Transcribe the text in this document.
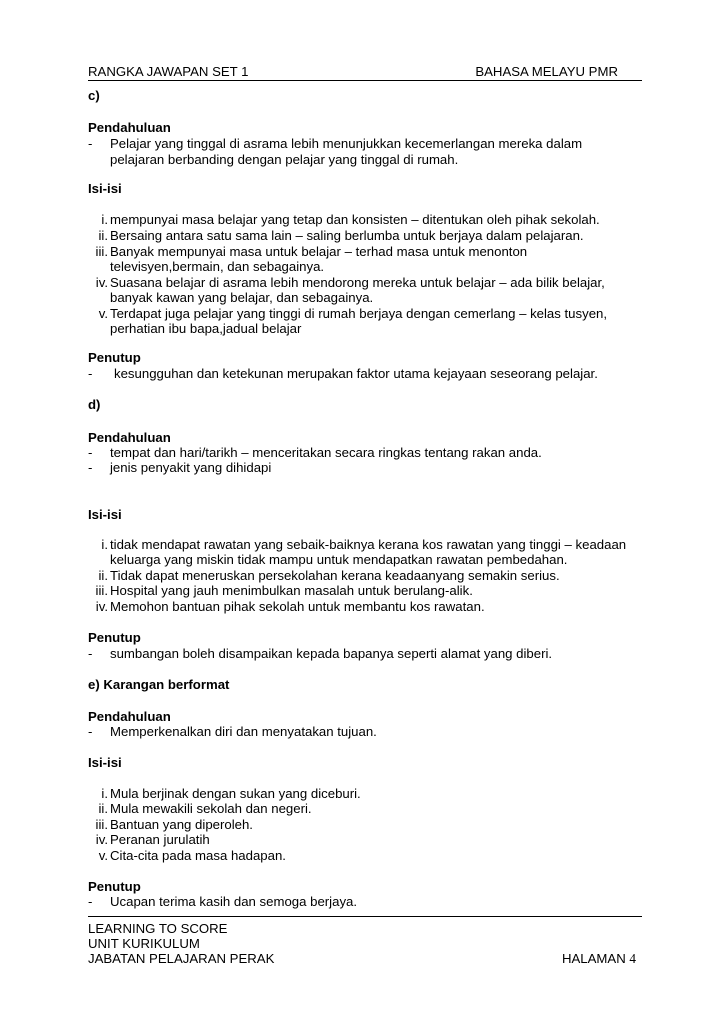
RANGKA JAWAPAN SET 1	BAHASA MELAYU PMR
c)
Pendahuluan
- Pelajar yang tinggal di asrama lebih menunjukkan kecemerlangan mereka dalam
pelajaran berbanding dengan pelajar yang tinggal di rumah.
Isi-isi
i. mempunyai masa belajar yang tetap dan konsisten – ditentukan oleh pihak sekolah.
ii. Bersaing antara satu sama lain – saling berlumba untuk berjaya dalam pelajaran.
iii. Banyak mempunyai masa untuk belajar – terhad masa untuk menonton
televisyen,bermain, dan sebagainya.
iv. Suasana belajar di asrama lebih mendorong mereka untuk belajar – ada bilik belajar,
banyak kawan yang belajar, dan sebagainya.
v. Terdapat juga pelajar yang tinggi di rumah berjaya dengan cemerlang – kelas tusyen,
perhatian ibu bapa,jadual belajar
Penutup
- kesungguhan dan ketekunan merupakan faktor utama kejayaan seseorang pelajar.
d)
Pendahuluan
- tempat dan hari/tarikh – menceritakan secara ringkas tentang rakan anda.
- jenis penyakit yang dihidapi
Isi-isi
i. tidak mendapat rawatan yang sebaik-baiknya kerana kos rawatan yang tinggi – keadaan
keluarga yang miskin tidak mampu untuk mendapatkan rawatan pembedahan.
ii. Tidak dapat meneruskan persekolahan kerana keadaanyang semakin serius.
iii. Hospital yang jauh menimbulkan masalah untuk berulang-alik.
iv. Memohon bantuan pihak sekolah untuk membantu kos rawatan.
Penutup
- sumbangan boleh disampaikan kepada bapanya seperti alamat yang diberi.
e) Karangan berformat
Pendahuluan
- Memperkenalkan diri dan menyatakan tujuan.
Isi-isi
i. Mula berjinak dengan sukan yang diceburi.
ii. Mula mewakili sekolah dan negeri.
iii. Bantuan yang diperoleh.
iv. Peranan jurulatih
v. Cita-cita pada masa hadapan.
Penutup
- Ucapan terima kasih dan semoga berjaya.
LEARNING TO SCORE
UNIT KURIKULUM
JABATAN PELAJARAN PERAK	HALAMAN 4
